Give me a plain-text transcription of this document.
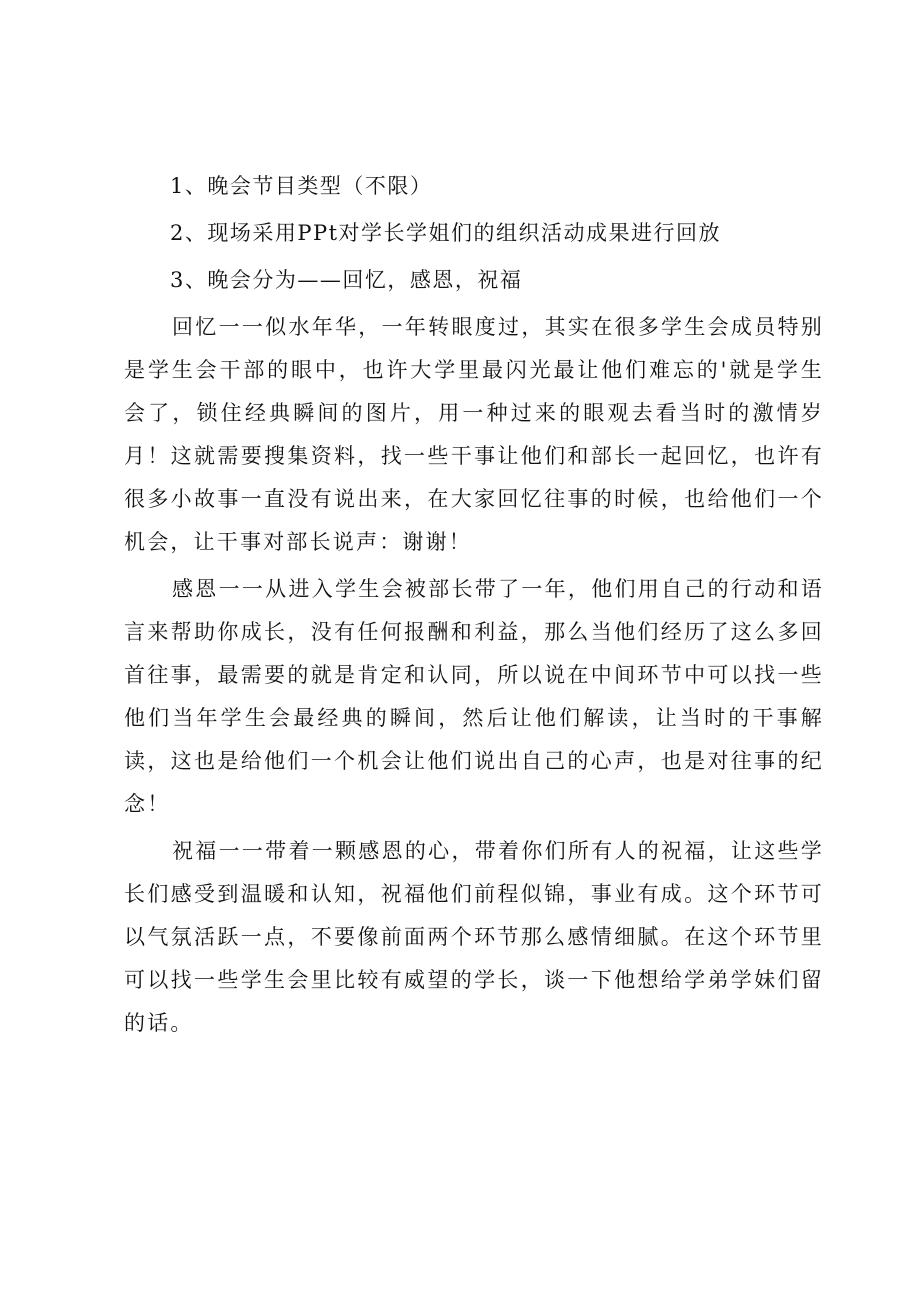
1、晚会节目类型（不限）

2、现场采用PPt对学长学姐们的组织活动成果进行回放

3、晚会分为——回忆，感恩，祝福

回忆一一似水年华，一年转眼度过，其实在很多学生会成员特别是学生会干部的眼中，也许大学里最闪光最让他们难忘的'就是学生会了，锁住经典瞬间的图片，用一种过来的眼观去看当时的激情岁月！这就需要搜集资料，找一些干事让他们和部长一起回忆，也许有很多小故事一直没有说出来，在大家回忆往事的时候，也给他们一个机会，让干事对部长说声：谢谢！

感恩一一从进入学生会被部长带了一年，他们用自己的行动和语言来帮助你成长，没有任何报酬和利益，那么当他们经历了这么多回首往事，最需要的就是肯定和认同，所以说在中间环节中可以找一些他们当年学生会最经典的瞬间，然后让他们解读，让当时的干事解读，这也是给他们一个机会让他们说出自己的心声，也是对往事的纪念！

祝福一一带着一颗感恩的心，带着你们所有人的祝福，让这些学长们感受到温暖和认知，祝福他们前程似锦，事业有成。这个环节可以气氛活跃一点，不要像前面两个环节那么感情细腻。在这个环节里可以找一些学生会里比较有威望的学长，谈一下他想给学弟学妹们留的话。
